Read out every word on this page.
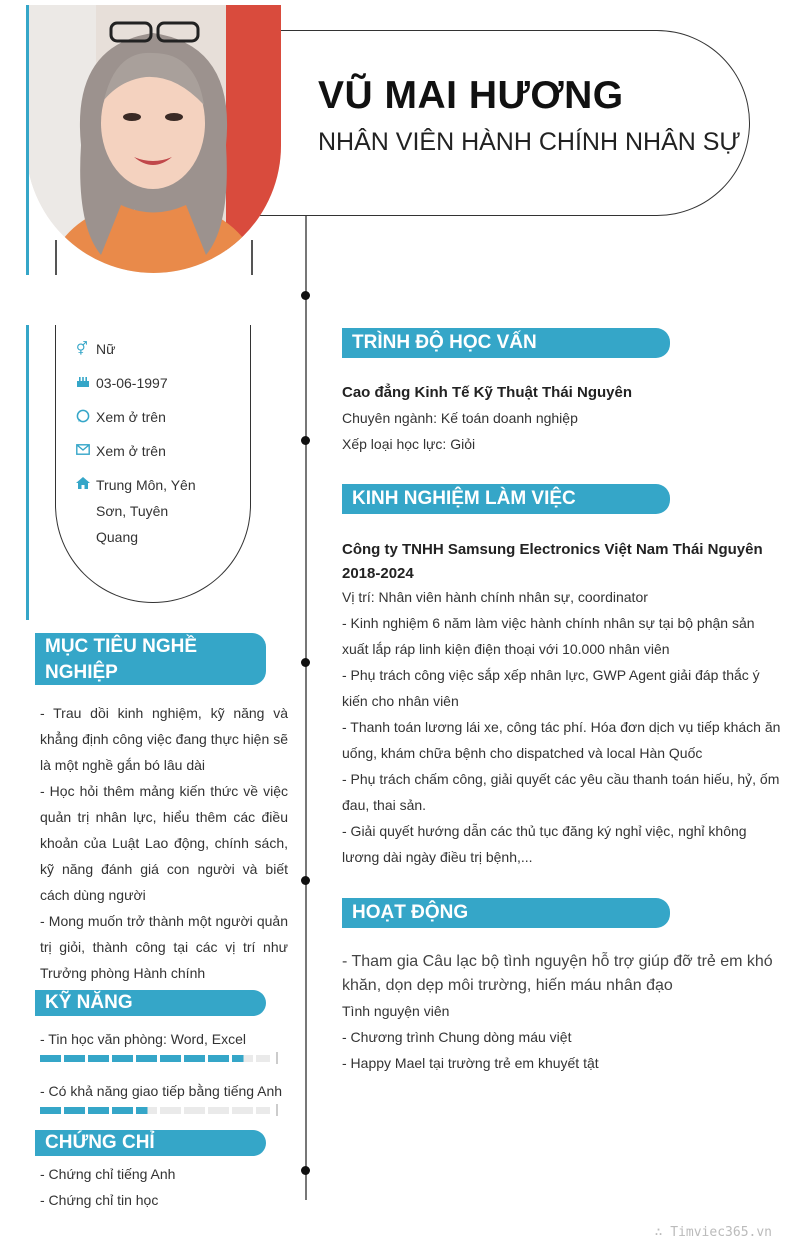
VŨ MAI HƯƠNG
NHÂN VIÊN HÀNH CHÍNH NHÂN SỰ
⚥ Nữ
03-06-1997
Xem ở trên
Xem ở trên
Trung Môn, Yên Sơn, Tuyên Quang
MỤC TIÊU NGHỀ NGHIỆP

- Trau dồi kinh nghiệm, kỹ năng và khẳng định công việc đang thực hiện sẽ là một nghề gắn bó lâu dài

- Học hỏi thêm mảng kiến thức về việc quản trị nhân lực, hiểu thêm các điều khoản của Luật Lao động, chính sách, kỹ năng đánh giá con người và biết cách dùng người

- Mong muốn trở thành một người quản trị giỏi, thành công tại các vị trí như Trưởng phòng Hành chính

KỸ NĂNG
- Tin học văn phòng: Word, Excel
- Có khả năng giao tiếp bằng tiếng Anh
CHỨNG CHỈ

- Chứng chỉ tiếng Anh

- Chứng chỉ tin học

TRÌNH ĐỘ HỌC VẤN
Cao đẳng Kinh Tế Kỹ Thuật Thái Nguyên

Chuyên ngành: Kế toán doanh nghiệp

Xếp loại học lực: Giỏi

KINH NGHIỆM LÀM VIỆC
Công ty TNHH Samsung Electronics Việt Nam Thái Nguyên
2018-2024

Vị trí: Nhân viên hành chính nhân sự, coordinator

- Kinh nghiệm 6 năm làm việc hành chính nhân sự tại bộ phận sản xuất lắp ráp linh kiện điện thoại với 10.000 nhân viên

- Phụ trách công việc sắp xếp nhân lực, GWP Agent giải đáp thắc ý kiến cho nhân viên

- Thanh toán lương lái xe, công tác phí. Hóa đơn dịch vụ tiếp khách ăn uống, khám chữa bệnh cho dispatched và local Hàn Quốc

- Phụ trách chấm công, giải quyết các yêu cầu thanh toán hiếu, hỷ, ốm đau, thai sản.

- Giải quyết hướng dẫn các thủ tục đăng ký nghỉ việc, nghỉ không lương dài ngày điều trị bệnh,...

HOẠT ĐỘNG
- Tham gia Câu lạc bộ tình nguyện hỗ trợ giúp đỡ trẻ em khó khăn, dọn dẹp môi trường, hiến máu nhân đạo

Tình nguyện viên

- Chương trình Chung dòng máu việt

- Happy Mael tại trường trẻ em khuyết tật

∴ Timviec365.vn
